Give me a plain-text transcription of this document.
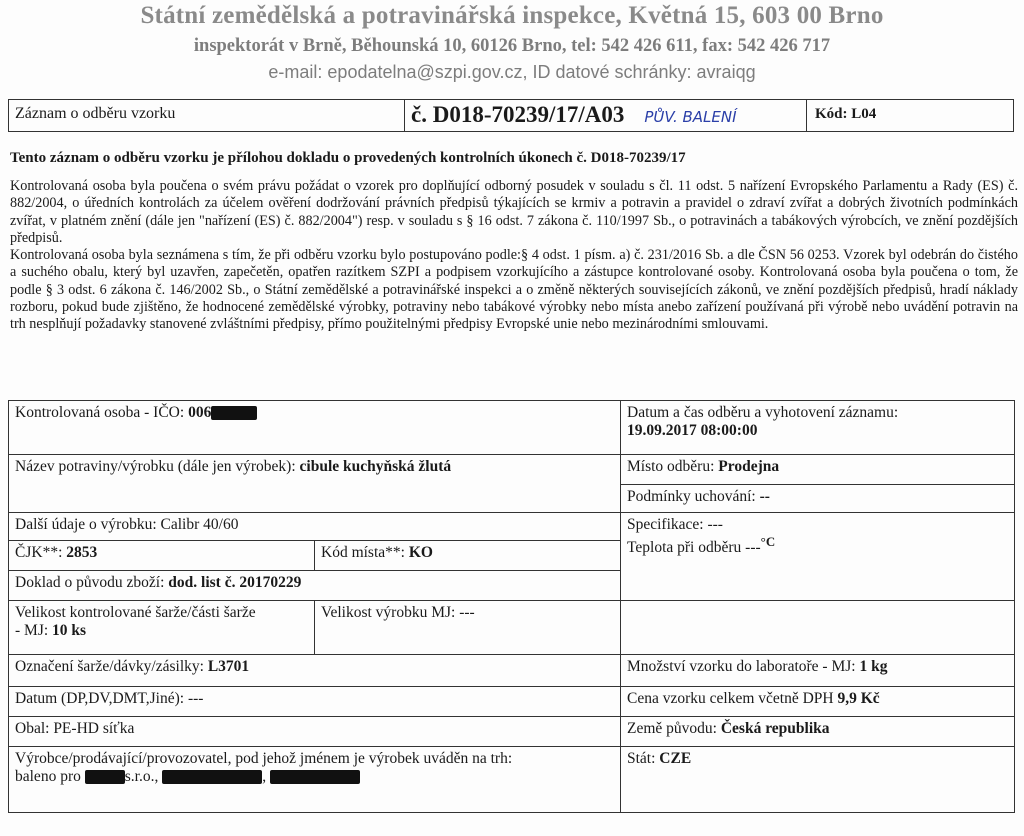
Státní zemědělská a potravinářská inspekce, Květná 15, 603 00 Brno
inspektorát v Brně, Běhounská 10, 60126 Brno, tel: 542 426 611, fax: 542 426 717
e-mail: epodatelna@szpi.gov.cz, ID datové schránky: avraiqg
Záznam o odběru vzorku	č. D018-70239/17/A03 PŮV. BALENÍ	Kód: L04
Tento záznam o odběru vzorku je přílohou dokladu o provedených kontrolních úkonech č. D018-70239/17

Kontrolovaná osoba byla poučena o svém právu požádat o vzorek pro doplňující odborný posudek v souladu s čl. 11 odst. 5 nařízení Evropského Parlamentu a Rady (ES) č. 882/2004, o úředních kontrolách za účelem ověření dodržování právních předpisů týkajících se krmiv a potravin a pravidel o zdraví zvířat a dobrých životních podmínkách zvířat, v platném znění (dále jen "nařízení (ES) č. 882/2004") resp. v souladu s § 16 odst. 7 zákona č. 110/1997 Sb., o potravinách a tabákových výrobcích, ve znění pozdějších předpisů.

Kontrolovaná osoba byla seznámena s tím, že při odběru vzorku bylo postupováno podle:§ 4 odst. 1 písm. a) č. 231/2016 Sb. a dle ČSN 56 0253. Vzorek byl odebrán do čistého a suchého obalu, který byl uzavřen, zapečetěn, opatřen razítkem SZPI a podpisem vzorkujícího a zástupce kontrolované osoby. Kontrolovaná osoba byla poučena o tom, že podle § 3 odst. 6 zákona č. 146/2002 Sb., o Státní zemědělské a potravinářské inspekci a o změně některých souvisejících zákonů, ve znění pozdějších předpisů, hradí náklady rozboru, pokud bude zjištěno, že hodnocené zemědělské výrobky, potraviny nebo tabákové výrobky nebo místa anebo zařízení používaná při výrobě nebo uvádění potravin na trh nesplňují požadavky stanovené zvláštními předpisy, přímo použitelnými předpisy Evropské unie nebo mezinárodními smlouvami.

Kontrolovaná osoba - IČO: 006		Datum a čas odběru a vyhotovení záznamu:
19.09.2017 08:00:00

Název potraviny/výrobku (dále jen výrobek): cibule kuchyňská žlutá		Místo odběru: Prodejna
		Podmínky uchování: --
Další údaje o výrobku: Calibr 40/60		Specifikace: ---
Teplota při odběru ---$^{^\circ C}$

ČJK**: 2853	Kód místa**: KO	
Doklad o původu zboží: dod. list č. 20170229		

Velikost kontrolované šarže/části šarže
- MJ: 10 ks	Velikost výrobku MJ: ---	
Označení šarže/dávky/zásilky: L3701		Množství vzorku do laboratoře - MJ: 1 kg
Datum (DP,DV,DMT,Jiné): ---		Cena vzorku celkem včetně DPH 9,9 Kč
Obal: PE-HD síťka		Země původu: Česká republika

Výrobce/prodávající/provozovatel, pod jehož jménem je výrobek uváděn na trh:
baleno pro s.r.o., ,		Stát: CZE
